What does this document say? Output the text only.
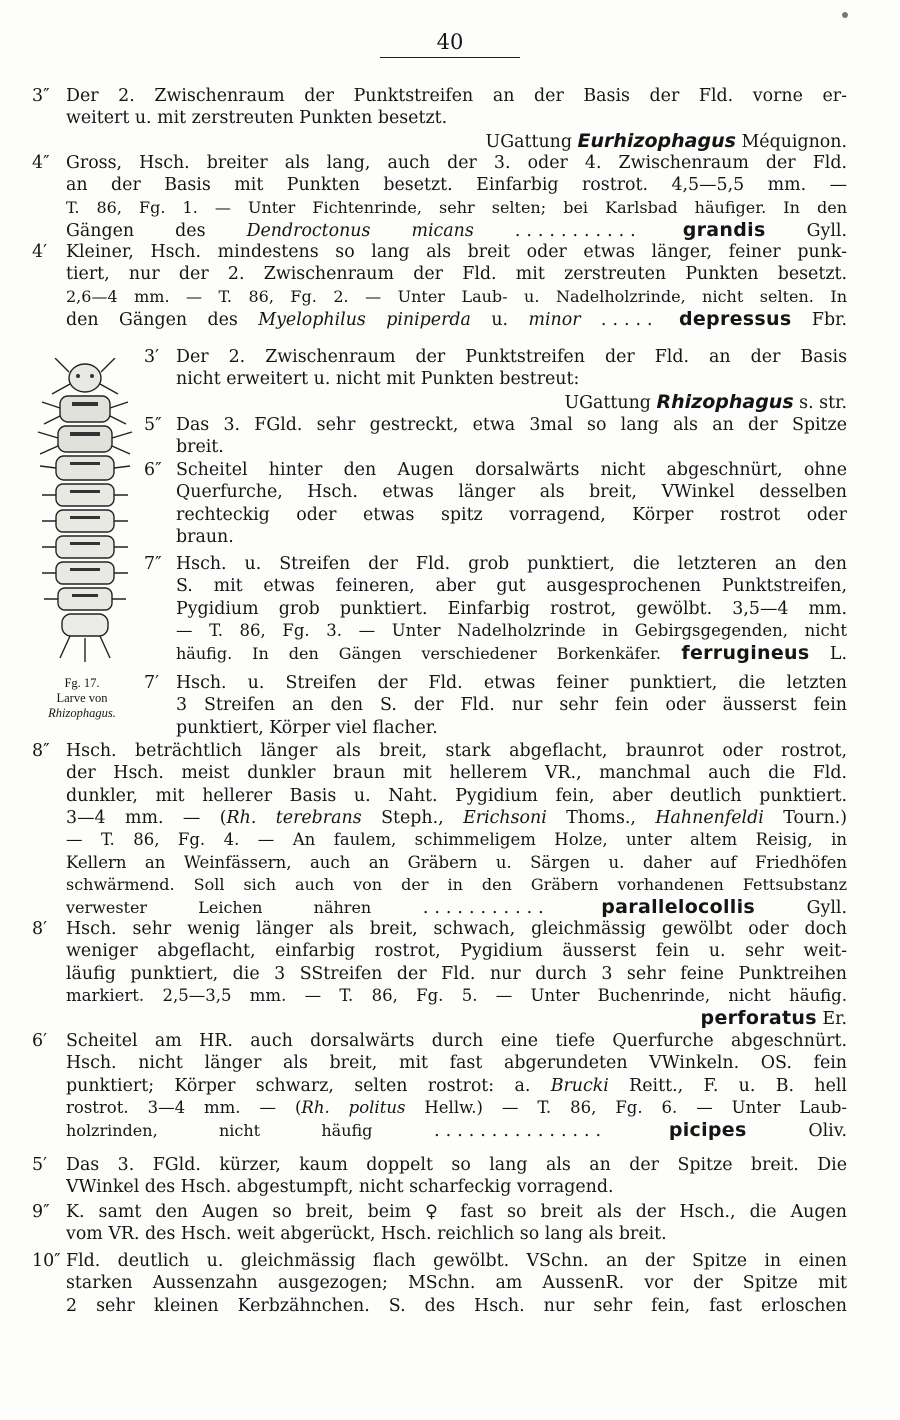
40
3″ Der 2. Zwischenraum der Punktstreifen an der Basis der Fld. vorne er-
weitert u. mit zerstreuten Punkten besetzt.
UGattung Eurhizophagus Méquignon.
4″ Gross, Hsch. breiter als lang, auch der 3. oder 4. Zwischenraum der Fld.
an der Basis mit Punkten besetzt. Einfarbig rostrot. 4,5—5,5 mm. —
T. 86, Fg. 1. — Unter Fichtenrinde, sehr selten; bei Karlsbad häufiger. In den
Gängen des Dendroctonus micans ........... grandis Gyll.
4′ Kleiner, Hsch. mindestens so lang als breit oder etwas länger, feiner punk-
tiert, nur der 2. Zwischenraum der Fld. mit zerstreuten Punkten besetzt.
2,6—4 mm. — T. 86, Fg. 2. — Unter Laub- u. Nadelholzrinde, nicht selten. In
den Gängen des Myelophilus piniperda u. minor ..... depressus Fbr.
Fg. 17.
Larve von
Rhizophagus.
3′ Der 2. Zwischenraum der Punktstreifen der Fld. an der Basis
nicht erweitert u. nicht mit Punkten bestreut:
UGattung Rhizophagus s. str.
5″ Das 3. FGld. sehr gestreckt, etwa 3mal so lang als an der Spitze
breit.
6″ Scheitel hinter den Augen dorsalwärts nicht abgeschnürt, ohne
Querfurche, Hsch. etwas länger als breit, VWinkel desselben
rechteckig oder etwas spitz vorragend, Körper rostrot oder
braun.
7″ Hsch. u. Streifen der Fld. grob punktiert, die letzteren an den
S. mit etwas feineren, aber gut ausgesprochenen Punktstreifen,
Pygidium grob punktiert. Einfarbig rostrot, gewölbt. 3,5—4 mm.
— T. 86, Fg. 3. — Unter Nadelholzrinde in Gebirgsgegenden, nicht
häufig. In den Gängen verschiedener Borkenkäfer. ferrugineus L.
7′ Hsch. u. Streifen der Fld. etwas feiner punktiert, die letzten
3 Streifen an den S. der Fld. nur sehr fein oder äusserst fein
punktiert, Körper viel flacher.
8″ Hsch. beträchtlich länger als breit, stark abgeflacht, braunrot oder rostrot,
der Hsch. meist dunkler braun mit hellerem VR., manchmal auch die Fld.
dunkler, mit hellerer Basis u. Naht. Pygidium fein, aber deutlich punktiert.
3—4 mm. — (Rh. terebrans Steph., Erichsoni Thoms., Hahnenfeldi Tourn.)
— T. 86, Fg. 4. — An faulem, schimmeligem Holze, unter altem Reisig, in
Kellern an Weinfässern, auch an Gräbern u. Särgen u. daher auf Friedhöfen
schwärmend. Soll sich auch von der in den Gräbern vorhandenen Fettsubstanz
verwester Leichen nähren	...........	parallelocollis	Gyll.
8′ Hsch. sehr wenig länger als breit, schwach, gleichmässig gewölbt oder doch
weniger abgeflacht, einfarbig rostrot, Pygidium äusserst fein u. sehr weit-
läufig punktiert, die 3 SStreifen der Fld. nur durch 3 sehr feine Punktreihen
markiert. 2,5—3,5 mm. — T. 86, Fg. 5. — Unter Buchenrinde, nicht häufig.
perforatus Er.
6′ Scheitel am HR. auch dorsalwärts durch eine tiefe Querfurche abgeschnürt.
Hsch. nicht länger als breit, mit fast abgerundeten VWinkeln. OS. fein
punktiert; Körper schwarz, selten rostrot: a. Brucki Reitt., F. u. B. hell
rostrot. 3—4 mm. — (Rh. politus Hellw.) — T. 86, Fg. 6. — Unter Laub-
holzrinden, nicht häufig	...............	picipes	Oliv.
5′ Das 3. FGld. kürzer, kaum doppelt so lang als an der Spitze breit. Die
VWinkel des Hsch. abgestumpft, nicht scharfeckig vorragend.
9″ K. samt den Augen so breit, beim ♀ fast so breit als der Hsch., die Augen
vom VR. des Hsch. weit abgerückt, Hsch. reichlich so lang als breit.
10″ Fld. deutlich u. gleichmässig flach gewölbt. VSchn. an der Spitze in einen
starken Aussenzahn ausgezogen; MSchn. am AussenR. vor der Spitze mit
2 sehr kleinen Kerbzähnchen. S. des Hsch. nur sehr fein, fast erloschen
